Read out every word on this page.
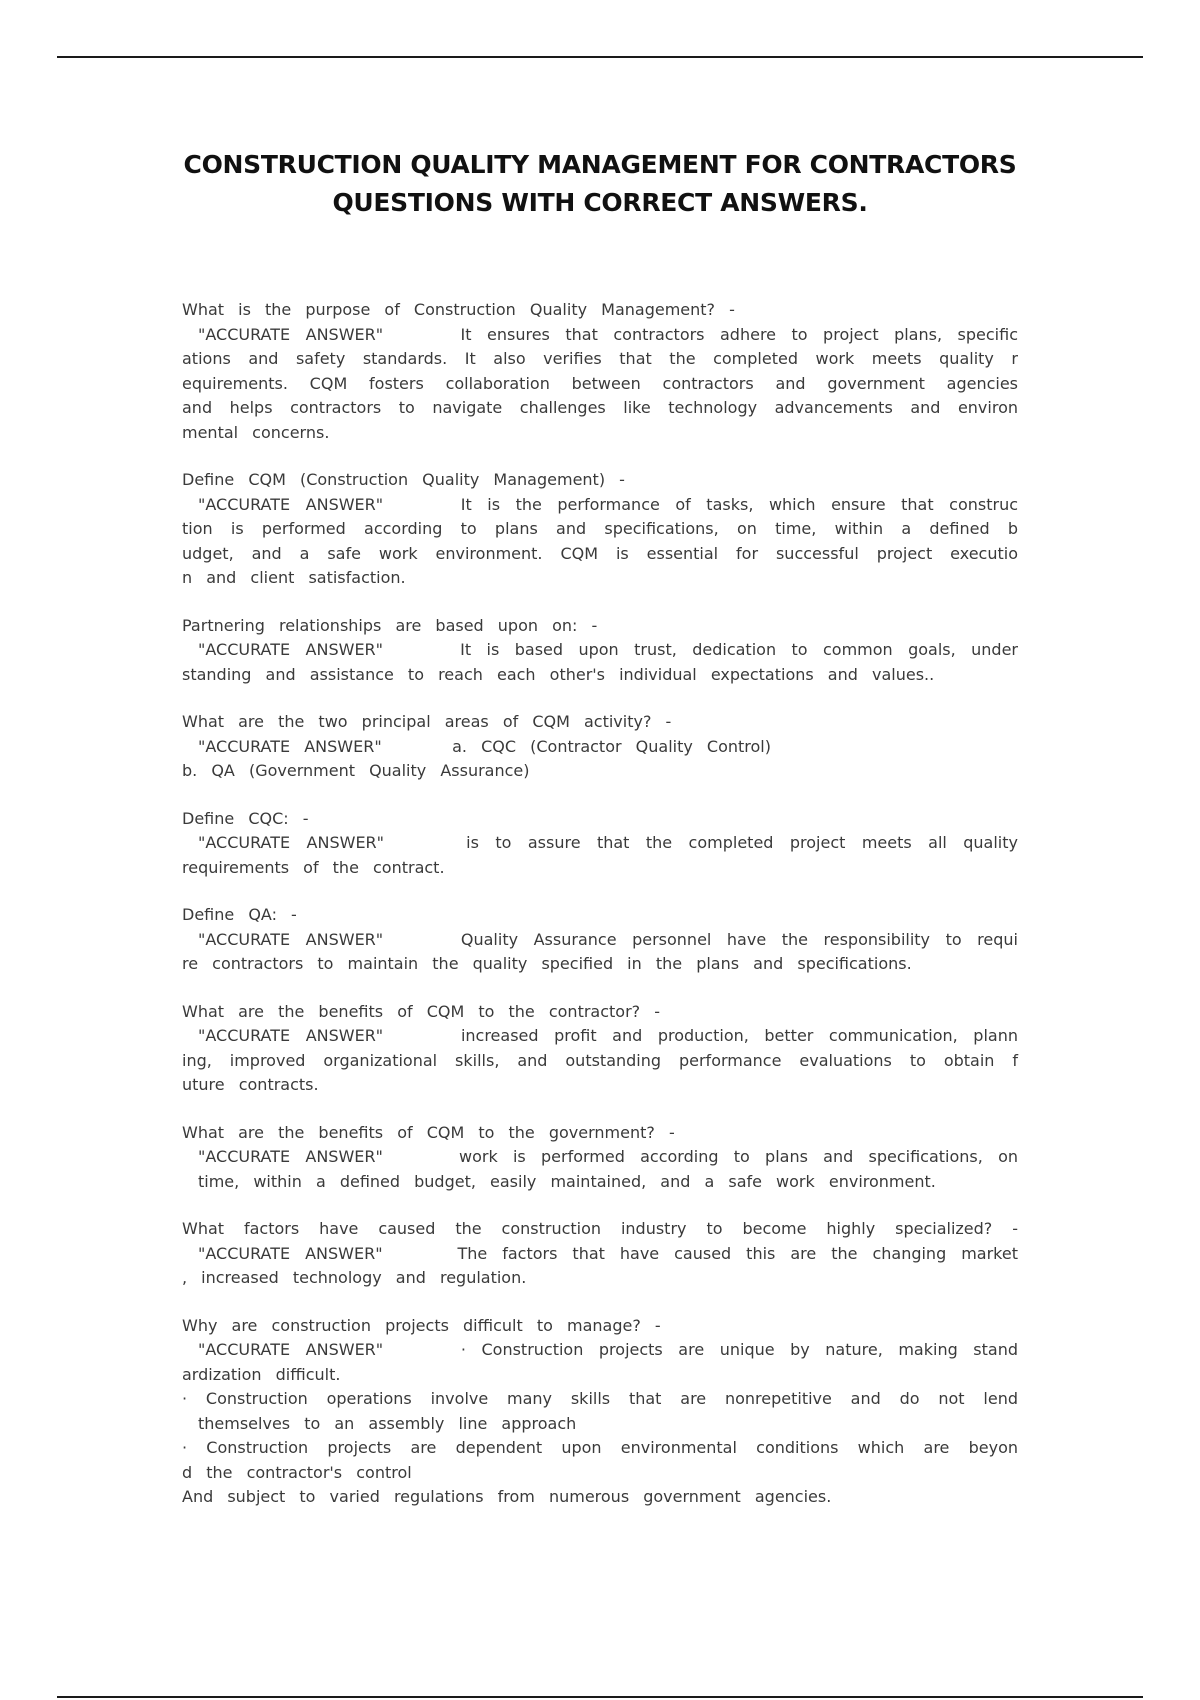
CONSTRUCTION QUALITY MANAGEMENT FOR CONTRACTORS
QUESTIONS WITH CORRECT ANSWERS.
What is the purpose of Construction Quality Management? -
"ACCURATE ANSWER"     It ensures that contractors adhere to project plans, specific
ations and safety standards. It also verifies that the completed work meets quality r
equirements. CQM fosters collaboration between contractors and government agencies
and helps contractors to navigate challenges like technology advancements and environ
mental concerns.
Define CQM (Construction Quality Management) -
"ACCURATE ANSWER"     It is the performance of tasks, which ensure that construc
tion is performed according to plans and specifications, on time, within a defined b
udget, and a safe work environment. CQM is essential for successful project executio
n and client satisfaction.
Partnering relationships are based upon on: -
"ACCURATE ANSWER"     It is based upon trust, dedication to common goals, under
standing and assistance to reach each other's individual expectations and values..
What are the two principal areas of CQM activity? -
"ACCURATE ANSWER"     a. CQC (Contractor Quality Control)
b. QA (Government Quality Assurance)
Define CQC: -
"ACCURATE ANSWER"     is to assure that the completed project meets all quality
requirements of the contract.
Define QA: -
"ACCURATE ANSWER"     Quality Assurance personnel have the responsibility to requi
re contractors to maintain the quality specified in the plans and specifications.
What are the benefits of CQM to the contractor? -
"ACCURATE ANSWER"     increased profit and production, better communication, plann
ing, improved organizational skills, and outstanding performance evaluations to obtain f
uture contracts.
What are the benefits of CQM to the government? -
"ACCURATE ANSWER"     work is performed according to plans and specifications, on
time, within a defined budget, easily maintained, and a safe work environment.
What factors have caused the construction industry to become highly specialized? -
"ACCURATE ANSWER"     The factors that have caused this are the changing market
, increased technology and regulation.
Why are construction projects difficult to manage? -
"ACCURATE ANSWER"     · Construction projects are unique by nature, making stand
ardization difficult.
· Construction operations involve many skills that are nonrepetitive and do not lend
themselves to an assembly line approach
· Construction projects are dependent upon environmental conditions which are beyon
d the contractor's control
And subject to varied regulations from numerous government agencies.
